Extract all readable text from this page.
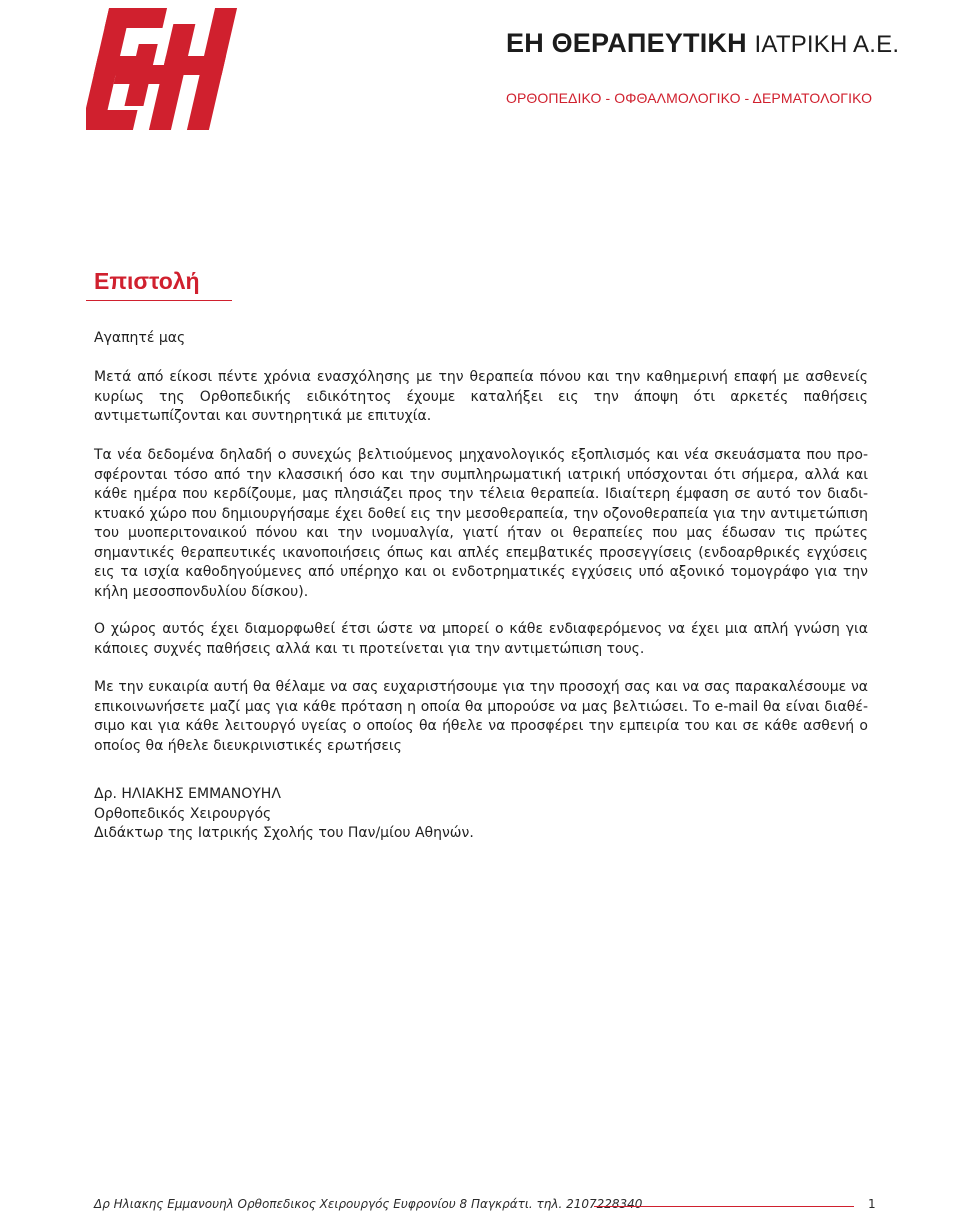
ΕΗ ΘΕΡΑΠΕΥΤΙΚΗ ΙΑΤΡΙΚΗ Α.Ε.

ΟΡΘΟΠΕΔΙΚΟ - ΟΦΘΑΛΜΟΛΟΓΙΚΟ - ΔΕΡΜΑΤΟΛΟΓΙΚΟ

Επιστολή

Αγαπητέ μας

Μετά από είκοσι πέντε χρόνια ενασχόλησης με την θεραπεία πόνου και την καθημερινή επαφή με ασθενείς κυρίως της Ορθοπεδικής ειδικότητος έχουμε καταλήξει εις την άποψη ότι αρκετές παθήσεις αντιμετωπίζονται και συντηρητικά με επιτυχία.

Τα νέα δεδομένα δηλαδή ο συνεχώς βελτιούμενος μηχανολογικός εξοπλισμός και νέα σκευάσματα που προσφέρονται τόσο από την κλασσική όσο και την συμπληρωματική ιατρική υπόσχονται ότι σήμερα, αλλά και κάθε ημέρα που κερδίζουμε, μας πλησιάζει προς την τέλεια θεραπεία. Ιδιαίτερη έμφαση σε αυτό τον διαδικτυακό χώρο που δημιουργήσαμε έχει δοθεί εις την μεσοθεραπεία, την οζονοθεραπεία για την αντιμετώπιση του μυοπεριτοναικού πόνου και την ινομυαλγία, γιατί ήταν οι θεραπείες που μας έδωσαν τις πρώτες σημαντικές θεραπευτικές ικανοποιήσεις όπως και απλές επεμβατικές προσεγγίσεις (ενδοαρθρικές εγχύσεις εις τα ισχία καθοδηγούμενες από υπέρηχο και οι ενδοτρηματικές εγχύσεις υπό αξονικό τομογράφο για την κήλη μεσοσπονδυλίου δίσκου).

Ο χώρος αυτός έχει διαμορφωθεί έτσι ώστε να μπορεί ο κάθε ενδιαφερόμενος να έχει μια απλή γνώση για κάποιες συχνές παθήσεις αλλά και τι προτείνεται για την αντιμετώπιση τους.

Με την ευκαιρία αυτή θα θέλαμε να σας ευχαριστήσουμε για την προσοχή σας και να σας παρακαλέσουμε να επικοινωνήσετε μαζί μας για κάθε πρόταση η οποία θα μπορούσε να μας βελτιώσει. Το e-mail θα είναι διαθέσιμο και για κάθε λειτουργό υγείας ο οποίος θα ήθελε να προσφέρει την εμπειρία του και σε κάθε ασθενή ο οποίος θα ήθελε διευκρινιστικές ερωτήσεις

Δρ. ΗΛΙΑΚΗΣ ΕΜΜΑΝΟΥΗΛ
Ορθοπεδικός Χειρουργός
Διδάκτωρ της Ιατρικής Σχολής του Παν/μίου Αθηνών.
Δρ Ηλιακης Εμμανουηλ Ορθοπεδικος Χειρουργός Ευφρονίου 8 Παγκράτι. τηλ. 2107228340	1
